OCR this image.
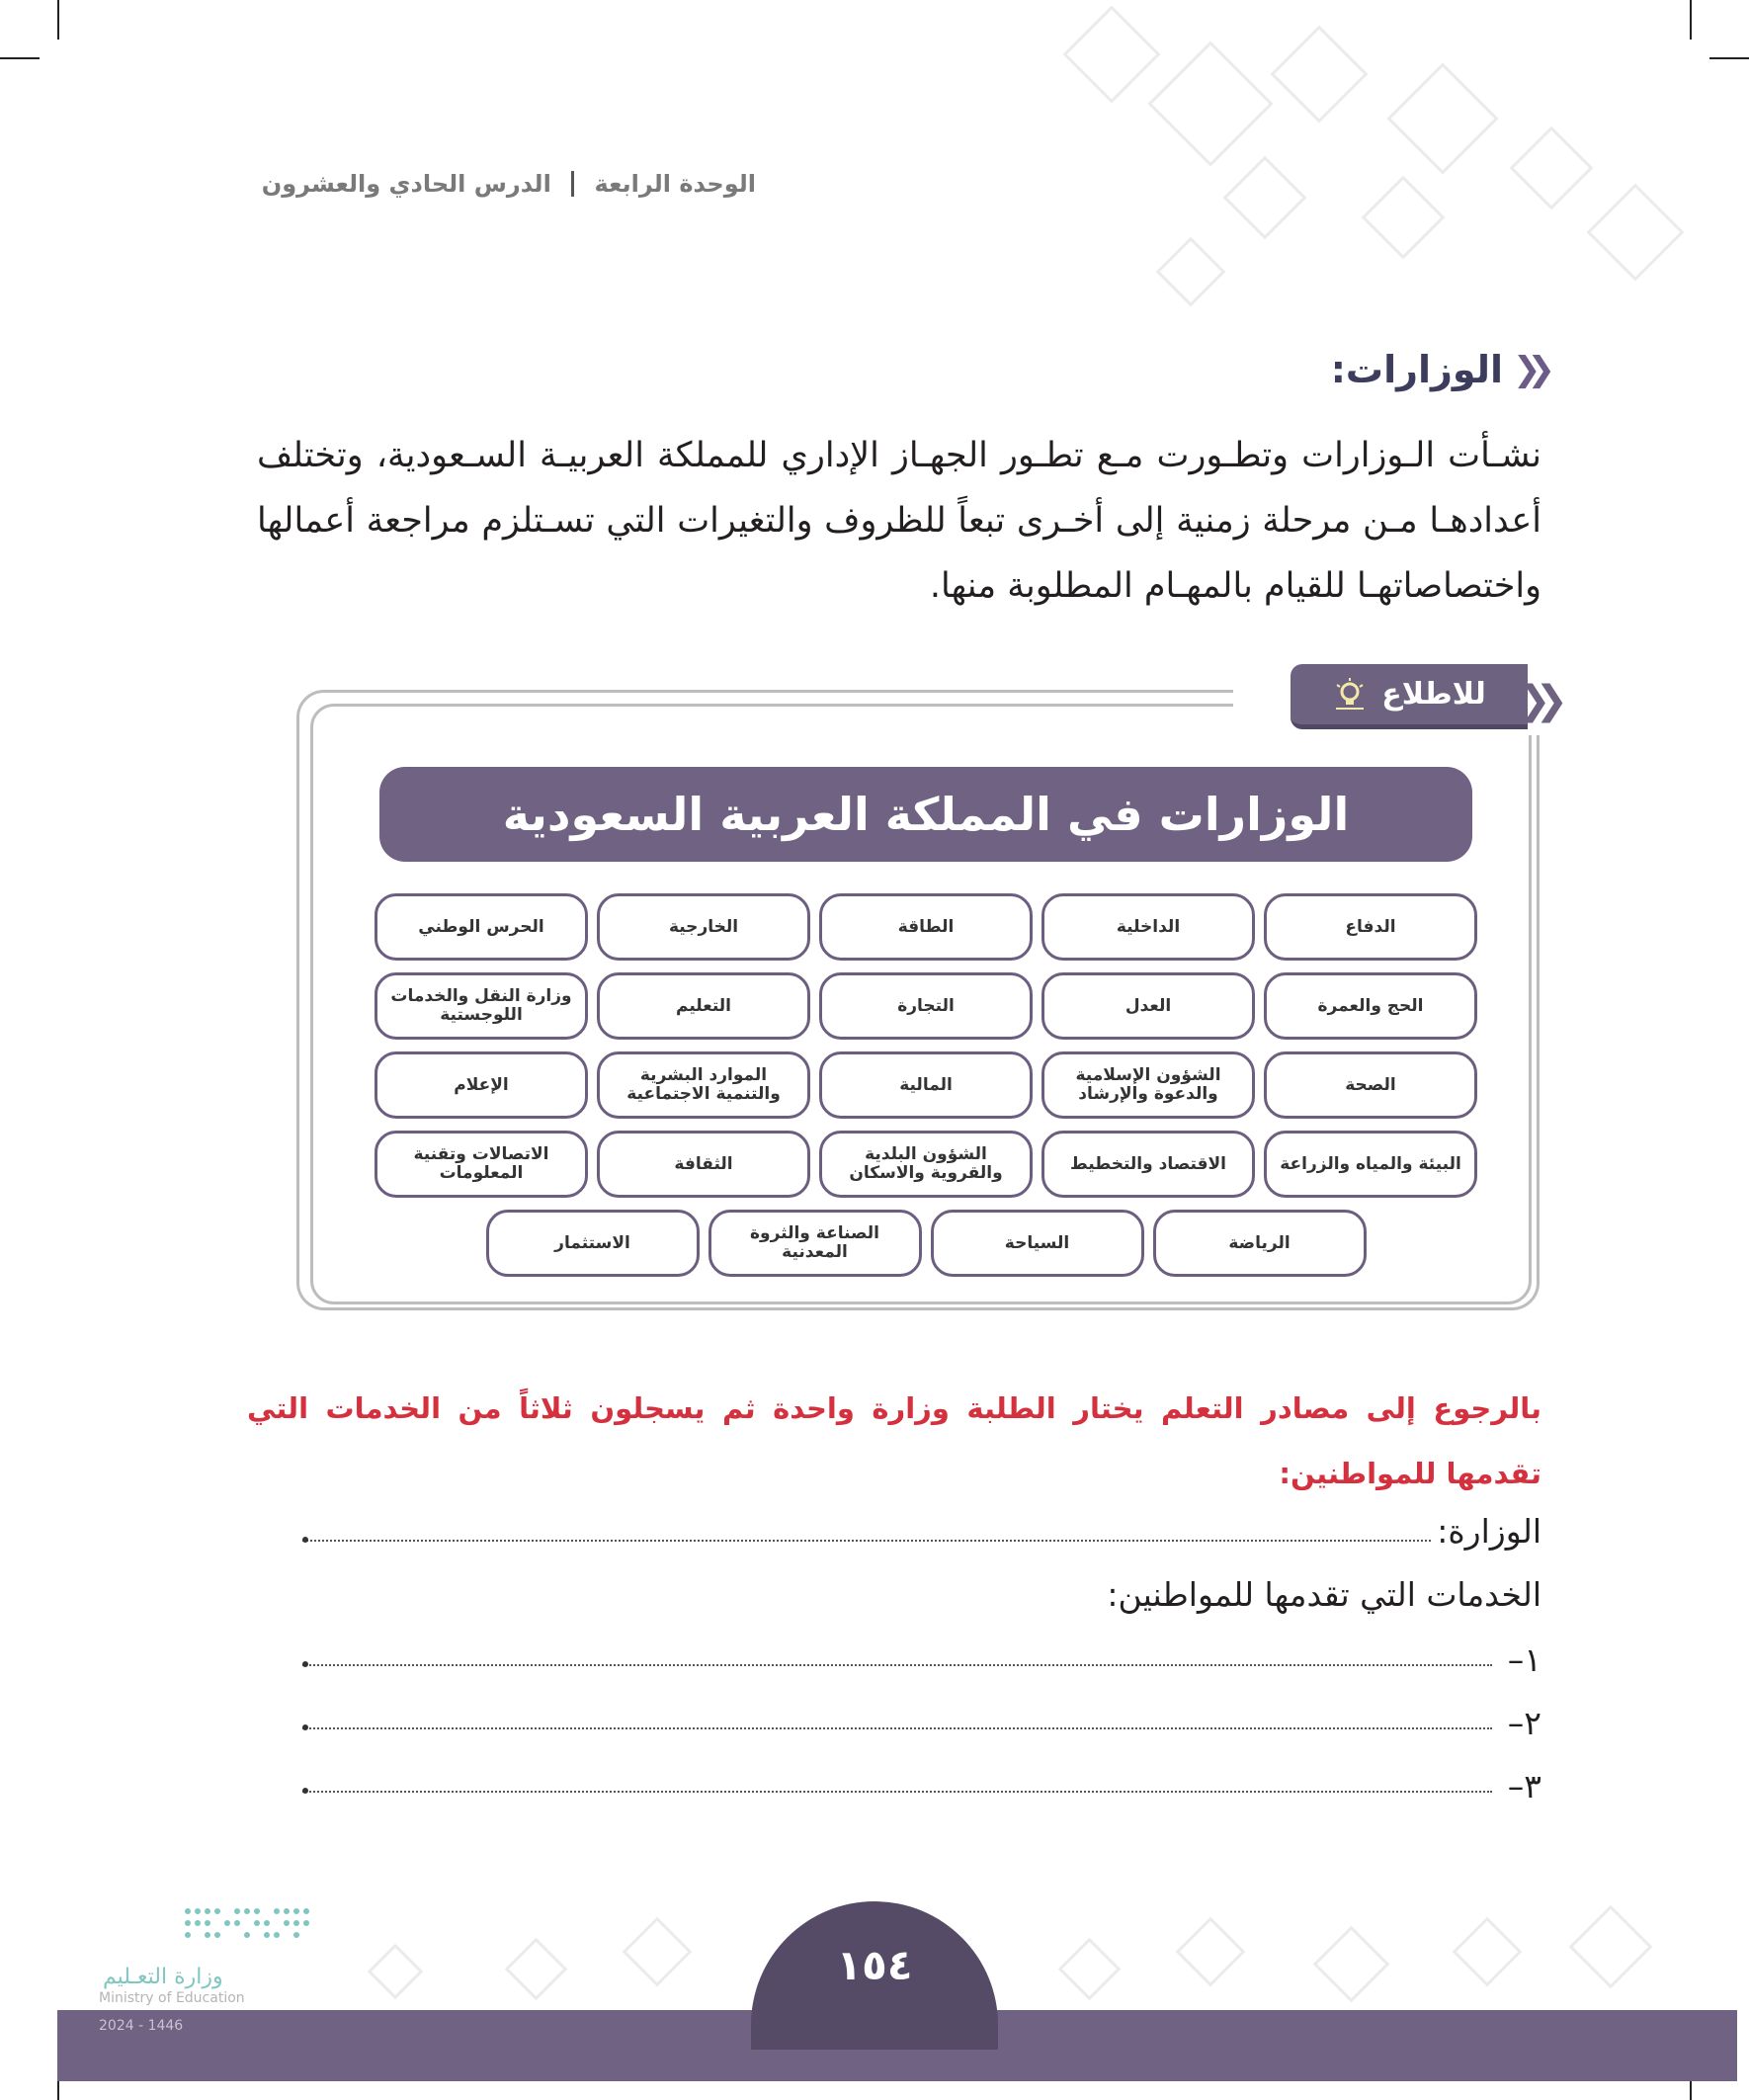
الوحدة الرابعة  الدرس الحادي والعشرون
❮❮
الوزارات:
نشـأت الـوزارات وتطـورت مـع تطـور الجهـاز الإداري للمملكة العربيـة السـعودية، وتختلف أعدادهـا مـن مرحلة زمنية إلى أخـرى تبعاً للظروف والتغيرات التي تسـتلزم مراجعة أعمالها واختصاصاتهـا للقيام بالمهـام المطلوبة منها.
للاطلاع ❮❮
الوزارات في المملكة العربية السعودية
الدفاع
الداخلية
الطاقة
الخارجية
الحرس الوطني
الحج والعمرة
العدل
التجارة
التعليم
وزارة النقل والخدمات اللوجستية
الصحة
الشؤون الإسلامية والدعوة والإرشاد
المالية
الموارد البشرية والتنمية الاجتماعية
الإعلام
البيئة والمياه والزراعة
الاقتصاد والتخطيط
الشؤون البلدية والقروية والاسكان
الثقافة
الاتصالات وتقنية المعلومات
الرياضة
السياحة
الصناعة والثروة المعدنية
الاستثمار
بالرجوع إلى مصادر التعلم يختار الطلبة وزارة واحدة ثم يسجلون ثلاثاً من الخدمات التي تقدمها للمواطنين:
الوزارة:
الخدمات التي تقدمها للمواطنين:
١–
٢–
٣–
١٥٤
وزارة التعـليم
Ministry of Education
2024 - 1446
